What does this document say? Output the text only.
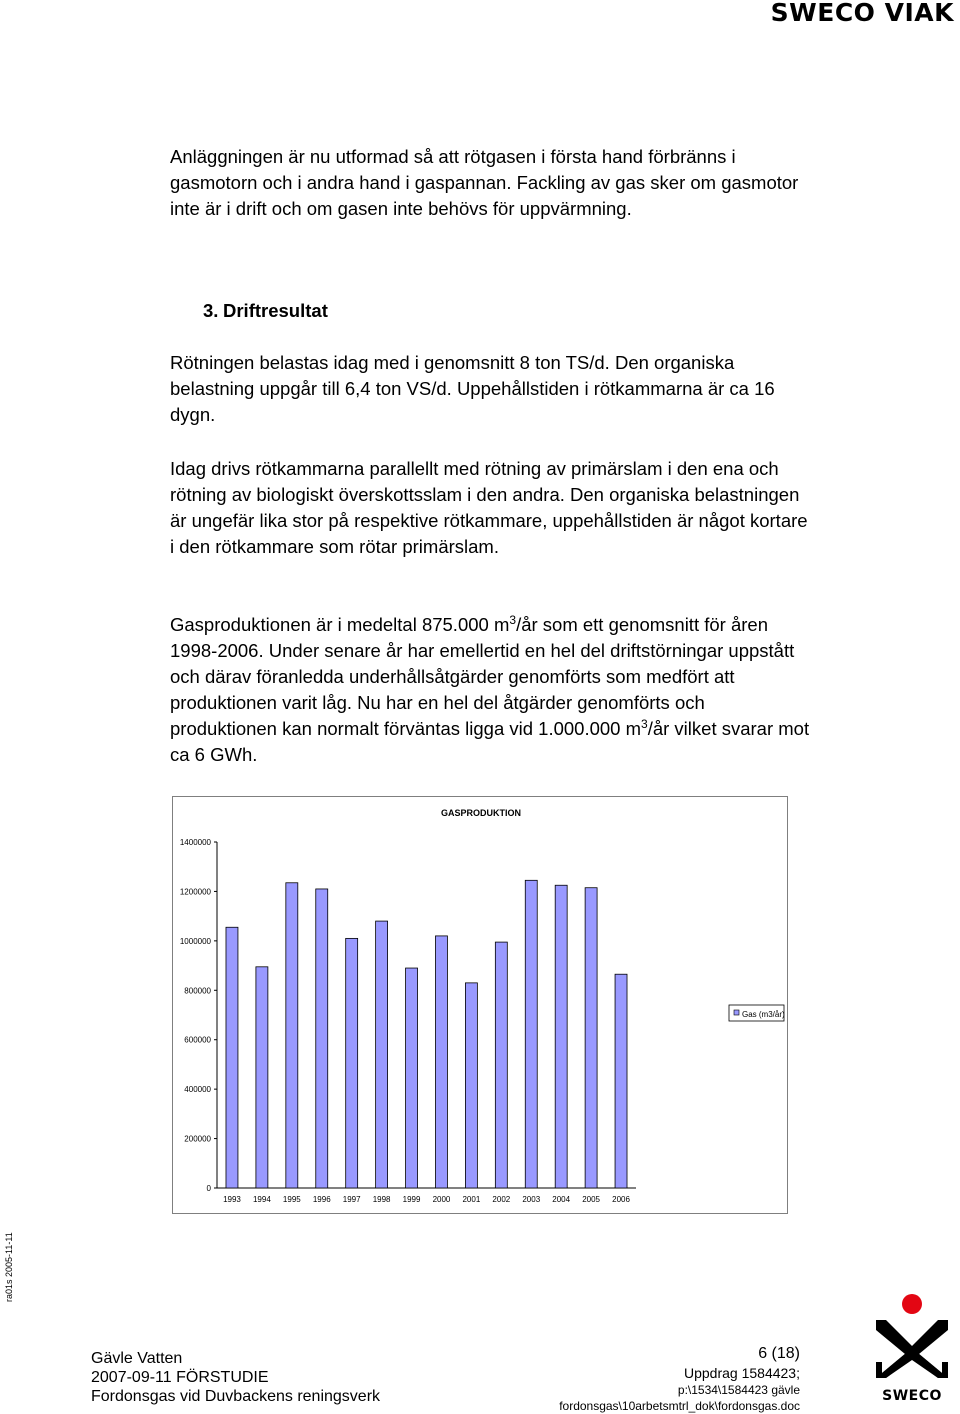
SWECO VIAK

Anläggningen är nu utformad så att rötgasen i första hand förbränns i gasmotorn och i andra hand i gaspannan. Fackling av gas sker om gasmotor inte är i drift och om gasen inte behövs för uppvärmning.

3. Driftresultat

Rötningen belastas idag med i genomsnitt 8 ton TS/d. Den organiska belastning uppgår till 6,4 ton VS/d. Uppehållstiden i rötkammarna är ca 16 dygn.

Idag drivs rötkammarna parallellt med rötning av primärslam i den ena och rötning av biologiskt överskottsslam i den andra. Den organiska belastningen är ungefär lika stor på respektive rötkammare, uppehållstiden är något kortare i den rötkammare som rötar primärslam.

Gasproduktionen är i medeltal 875.000 $m^3/år$ som ett genomsnitt för åren 1998-2006. Under senare år har emellertid en hel del driftstörningar uppstått och därav föranledda underhållsåtgärder genomförts som medfört att produktionen varit låg. Nu har en hel del åtgärder genomförts och produktionen kan normalt förväntas ligga vid 1.000.000 $m^3/år$ vilket svarar mot ca 6 GWh.

GASPRODUKTION
0
200000
400000
600000
800000
1000000
1200000
1400000
1993 1994 1995 1996 1997 1998 1999 2000 2001 2002 2003 2004 2005 2006
Gas (m3/år)
ra01s 2005-11-11
Gävle Vatten
2007-09-11 FÖRSTUDIE
Fordonsgas vid Duvbackens reningsverk
6 (18)
Uppdrag 1584423;
p:\1534\1584423 gävle
fordonsgas\10arbetsmtrl_dok\fordonsgas.doc
SWECO
